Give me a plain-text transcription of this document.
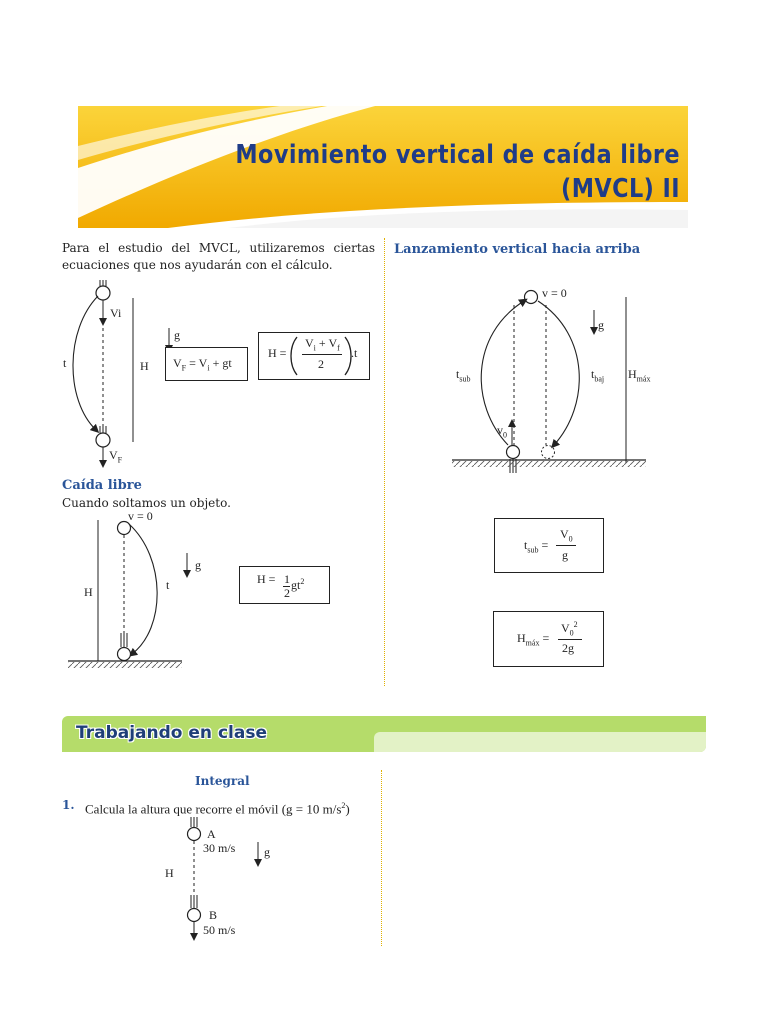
Movimiento vertical de caída libre
(MVCL) II
Para el estudio del MVCL, utilizaremos ciertas ecuaciones que nos ayudarán con el cálculo.
Vi
t	H
$V_F$
g
$V_F = V_i$ + gt
H =
$V_i + V_f$
2
.t
Caída libre
Cuando soltamos un objeto.
v = 0
t
H
g
H = 1
2
$gt^2$
Lanzamiento vertical hacia arriba
v = 0
g
$t_{sub}$	$t_{baj}$ $H_{máx}$
$v_0$
$t_{sub}$ =
$V_0$
g
$H_{máx}$ =
$V_0^2$
2g
Trabajando en clase
Integral
1. Calcula la altura que recorre el móvil (g = 10 $m/s^2$)
A
30 m/s g
H
B
50 m/s
